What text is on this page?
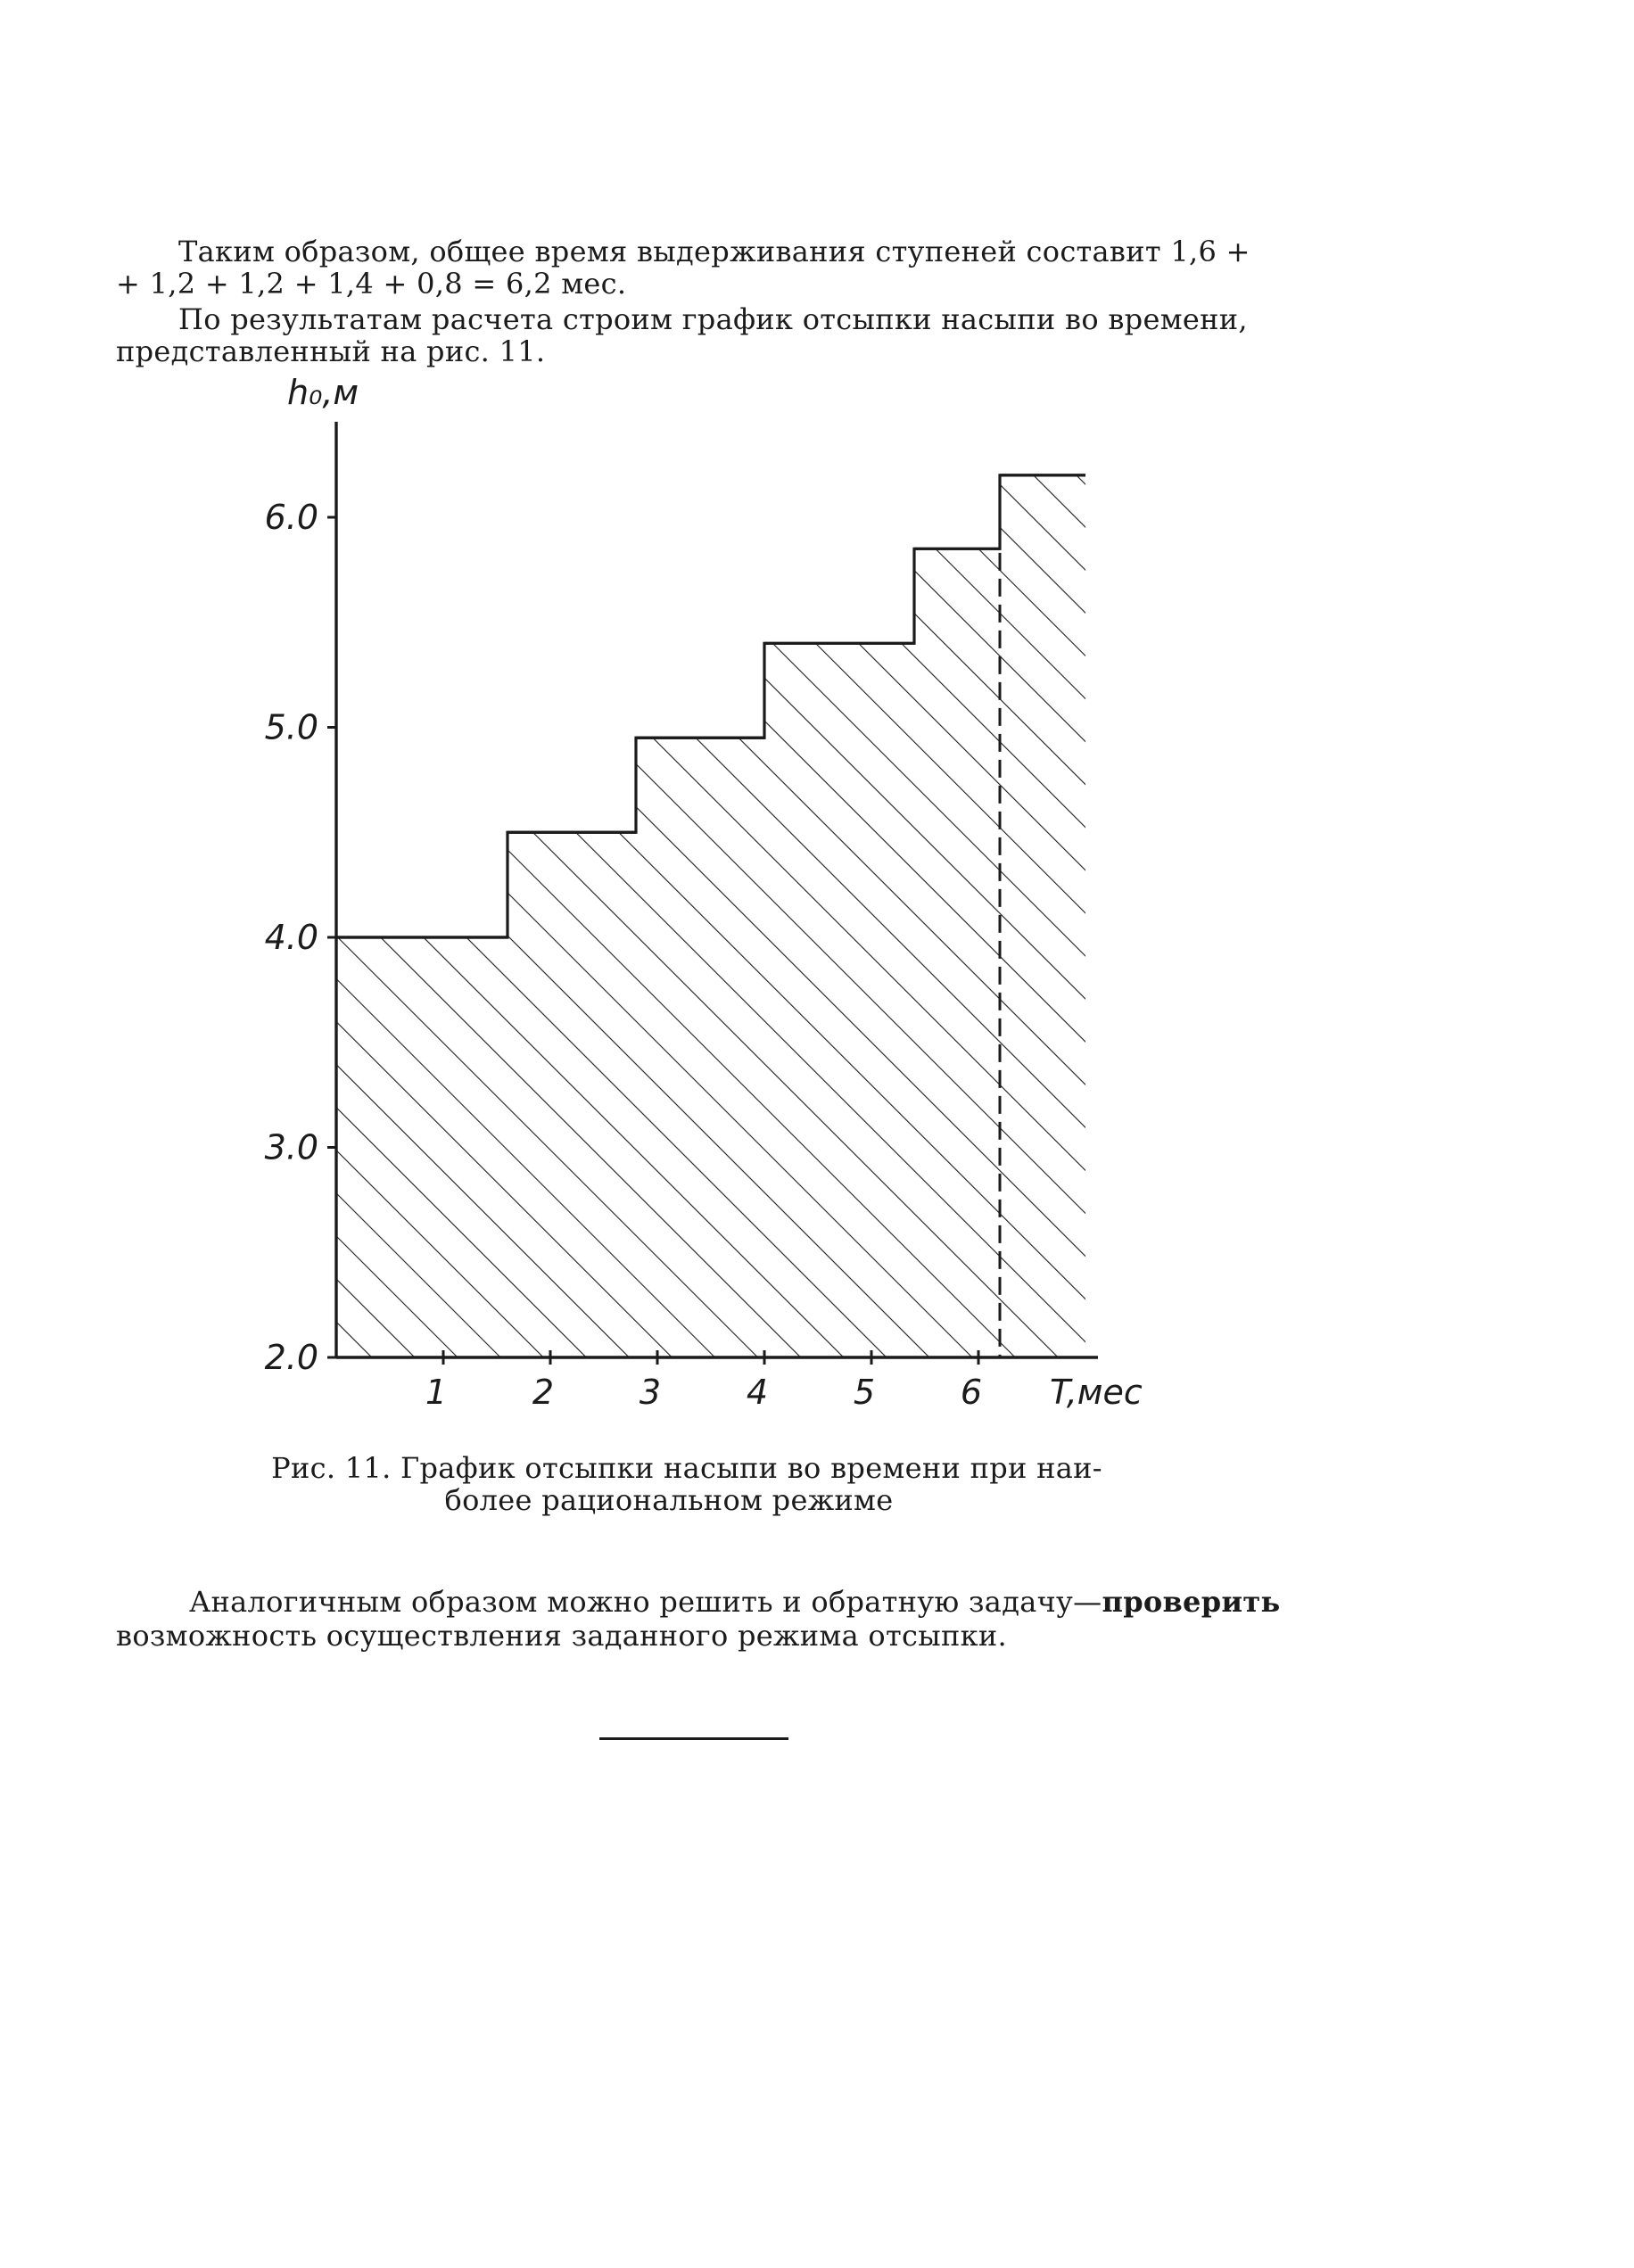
Таким образом, общее время выдерживания ступеней составит 1,6 +
+ 1,2 + 1,2 + 1,4 + 0,8 = 6,2 мес.
По результатам расчета строим график отсыпки насыпи во времени,
представленный на рис. 11.
2.0
3.0
4.0
5.0
6.0
1	2	3	4	5	6
h₀,м
T,мес
Рис. 11. График отсыпки насыпи во времени при наи-
более рациональном режиме
Аналогичным образом можно решить и обратную задачу—проверить
возможность осуществления заданного режима отсыпки.
